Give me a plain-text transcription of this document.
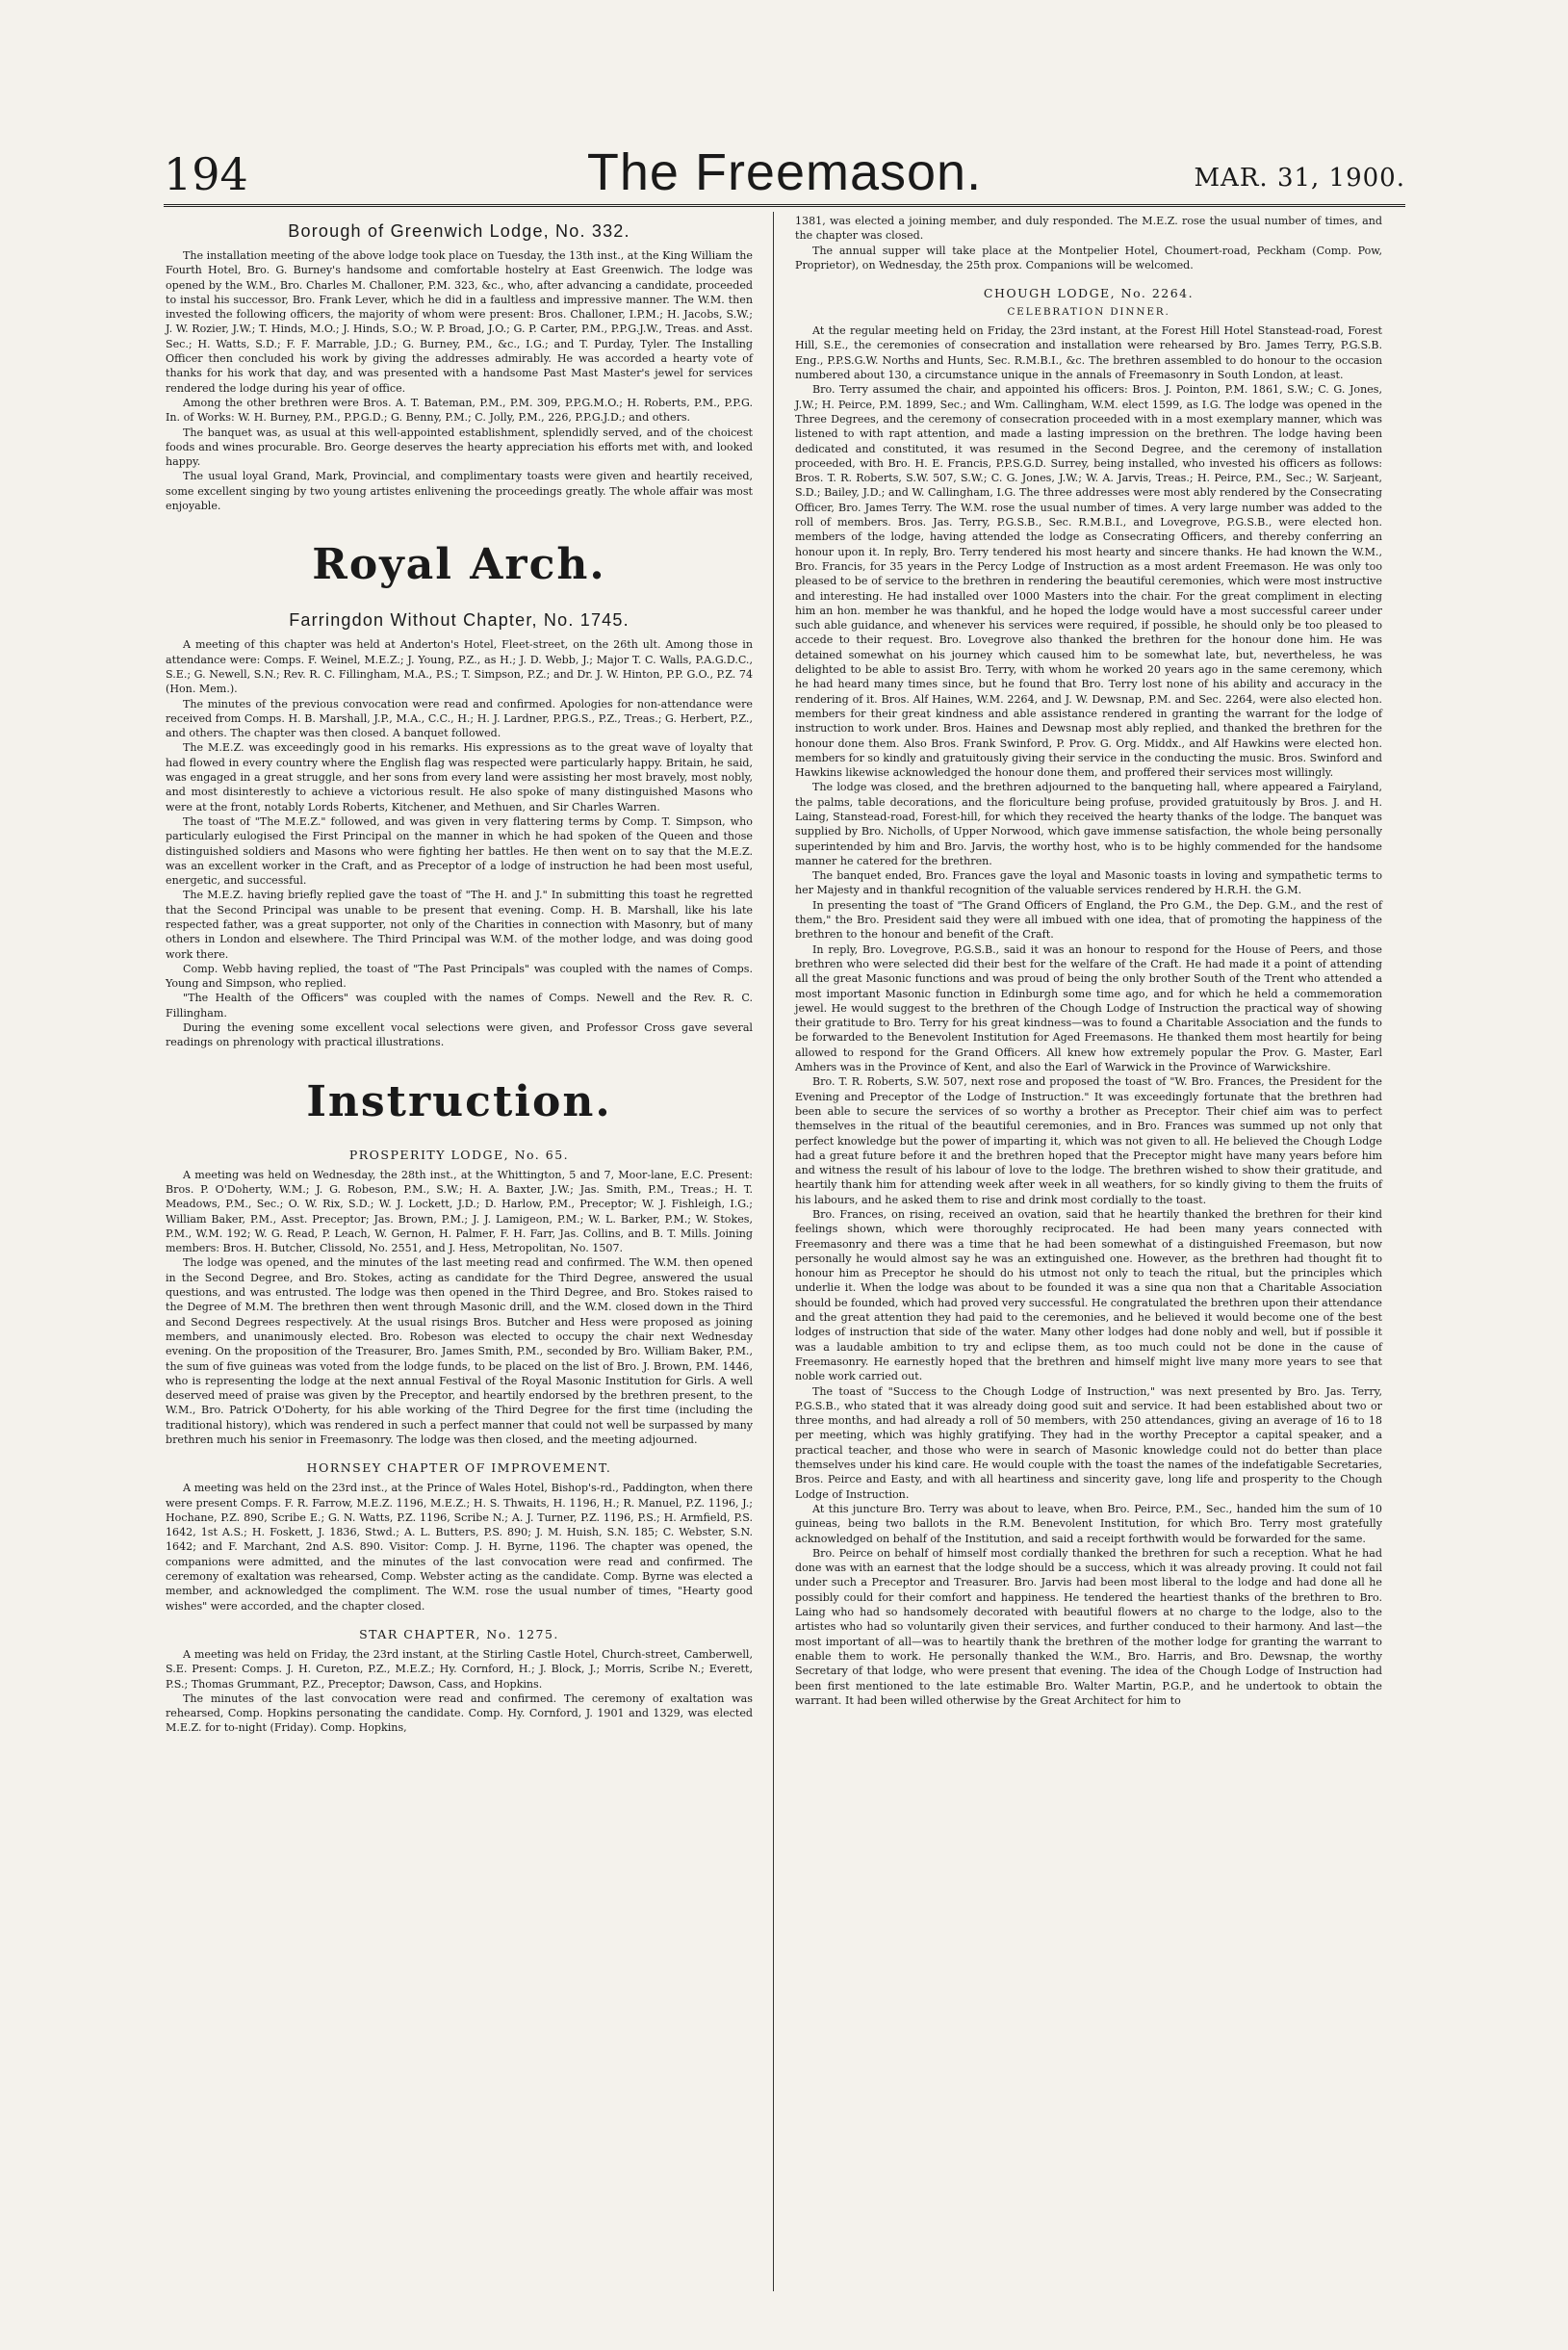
194	The Freemason.	MAR. 31, 1900.
Borough of Greenwich Lodge, No. 332.

The installation meeting of the above lodge took place on Tuesday, the 13th inst., at the King William the Fourth Hotel, Bro. G. Burney's handsome and comfortable hostelry at East Greenwich. The lodge was opened by the W.M., Bro. Charles M. Challoner, P.M. 323, &c., who, after advancing a candidate, proceeded to instal his successor, Bro. Frank Lever, which he did in a faultless and impressive manner. The W.M. then invested the following officers, the majority of whom were present: Bros. Challoner, I.P.M.; H. Jacobs, S.W.; J. W. Rozier, J.W.; T. Hinds, M.O.; J. Hinds, S.O.; W. P. Broad, J.O.; G. P. Carter, P.M., P.P.G.J.W., Treas. and Asst. Sec.; H. Watts, S.D.; F. F. Marrable, J.D.; G. Burney, P.M., &c., I.G.; and T. Purday, Tyler. The Installing Officer then concluded his work by giving the addresses admirably. He was accorded a hearty vote of thanks for his work that day, and was presented with a handsome Past Mast Master's jewel for services rendered the lodge during his year of office.

Among the other brethren were Bros. A. T. Bateman, P.M., P.M. 309, P.P.G.M.O.; H. Roberts, P.M., P.P.G. In. of Works: W. H. Burney, P.M., P.P.G.D.; G. Benny, P.M.; C. Jolly, P.M., 226, P.P.G.J.D.; and others.

The banquet was, as usual at this well-appointed establishment, splendidly served, and of the choicest foods and wines procurable. Bro. George deserves the hearty appreciation his efforts met with, and looked happy.

The usual loyal Grand, Mark, Provincial, and complimentary toasts were given and heartily received, some excellent singing by two young artistes enlivening the proceedings greatly. The whole affair was most enjoyable.

Royal Arch.
Farringdon Without Chapter, No. 1745.

A meeting of this chapter was held at Anderton's Hotel, Fleet-street, on the 26th ult. Among those in attendance were: Comps. F. Weinel, M.E.Z.; J. Young, P.Z., as H.; J. D. Webb, J.; Major T. C. Walls, P.A.G.D.C., S.E.; G. Newell, S.N.; Rev. R. C. Fillingham, M.A., P.S.; T. Simpson, P.Z.; and Dr. J. W. Hinton, P.P. G.O., P.Z. 74 (Hon. Mem.).

The minutes of the previous convocation were read and confirmed. Apologies for non-attendance were received from Comps. H. B. Marshall, J.P., M.A., C.C., H.; H. J. Lardner, P.P.G.S., P.Z., Treas.; G. Herbert, P.Z., and others. The chapter was then closed. A banquet followed.

The M.E.Z. was exceedingly good in his remarks. His expressions as to the great wave of loyalty that had flowed in every country where the English flag was respected were particularly happy. Britain, he said, was engaged in a great struggle, and her sons from every land were assisting her most bravely, most nobly, and most disinterestly to achieve a victorious result. He also spoke of many distinguished Masons who were at the front, notably Lords Roberts, Kitchener, and Methuen, and Sir Charles Warren.

The toast of "The M.E.Z." followed, and was given in very flattering terms by Comp. T. Simpson, who particularly eulogised the First Principal on the manner in which he had spoken of the Queen and those distinguished soldiers and Masons who were fighting her battles. He then went on to say that the M.E.Z. was an excellent worker in the Craft, and as Preceptor of a lodge of instruction he had been most useful, energetic, and successful.

The M.E.Z. having briefly replied gave the toast of "The H. and J." In submitting this toast he regretted that the Second Principal was unable to be present that evening. Comp. H. B. Marshall, like his late respected father, was a great supporter, not only of the Charities in connection with Masonry, but of many others in London and elsewhere. The Third Principal was W.M. of the mother lodge, and was doing good work there.

Comp. Webb having replied, the toast of "The Past Principals" was coupled with the names of Comps. Young and Simpson, who replied.

"The Health of the Officers" was coupled with the names of Comps. Newell and the Rev. R. C. Fillingham.

During the evening some excellent vocal selections were given, and Professor Cross gave several readings on phrenology with practical illustrations.

Instruction.
PROSPERITY LODGE, No. 65.

A meeting was held on Wednesday, the 28th inst., at the Whittington, 5 and 7, Moor-lane, E.C. Present: Bros. P. O'Doherty, W.M.; J. G. Robeson, P.M., S.W.; H. A. Baxter, J.W.; Jas. Smith, P.M., Treas.; H. T. Meadows, P.M., Sec.; O. W. Rix, S.D.; W. J. Lockett, J.D.; D. Harlow, P.M., Preceptor; W. J. Fishleigh, I.G.; William Baker, P.M., Asst. Preceptor; Jas. Brown, P.M.; J. J. Lamigeon, P.M.; W. L. Barker, P.M.; W. Stokes, P.M., W.M. 192; W. G. Read, P. Leach, W. Gernon, H. Palmer, F. H. Farr, Jas. Collins, and B. T. Mills. Joining members: Bros. H. Butcher, Clissold, No. 2551, and J. Hess, Metropolitan, No. 1507.

The lodge was opened, and the minutes of the last meeting read and confirmed. The W.M. then opened in the Second Degree, and Bro. Stokes, acting as candidate for the Third Degree, answered the usual questions, and was entrusted. The lodge was then opened in the Third Degree, and Bro. Stokes raised to the Degree of M.M. The brethren then went through Masonic drill, and the W.M. closed down in the Third and Second Degrees respectively. At the usual risings Bros. Butcher and Hess were proposed as joining members, and unanimously elected. Bro. Robeson was elected to occupy the chair next Wednesday evening. On the proposition of the Treasurer, Bro. James Smith, P.M., seconded by Bro. William Baker, P.M., the sum of five guineas was voted from the lodge funds, to be placed on the list of Bro. J. Brown, P.M. 1446, who is representing the lodge at the next annual Festival of the Royal Masonic Institution for Girls. A well deserved meed of praise was given by the Preceptor, and heartily endorsed by the brethren present, to the W.M., Bro. Patrick O'Doherty, for his able working of the Third Degree for the first time (including the traditional history), which was rendered in such a perfect manner that could not well be surpassed by many brethren much his senior in Freemasonry. The lodge was then closed, and the meeting adjourned.

HORNSEY CHAPTER OF IMPROVEMENT.

A meeting was held on the 23rd inst., at the Prince of Wales Hotel, Bishop's-rd., Paddington, when there were present Comps. F. R. Farrow, M.E.Z. 1196, M.E.Z.; H. S. Thwaits, H. 1196, H.; R. Manuel, P.Z. 1196, J.; Hochane, P.Z. 890, Scribe E.; G. N. Watts, P.Z. 1196, Scribe N.; A. J. Turner, P.Z. 1196, P.S.; H. Armfield, P.S. 1642, 1st A.S.; H. Foskett, J. 1836, Stwd.; A. L. Butters, P.S. 890; J. M. Huish, S.N. 185; C. Webster, S.N. 1642; and F. Marchant, 2nd A.S. 890. Visitor: Comp. J. H. Byrne, 1196. The chapter was opened, the companions were admitted, and the minutes of the last convocation were read and confirmed. The ceremony of exaltation was rehearsed, Comp. Webster acting as the candidate. Comp. Byrne was elected a member, and acknowledged the compliment. The W.M. rose the usual number of times, "Hearty good wishes" were accorded, and the chapter closed.

STAR CHAPTER, No. 1275.

A meeting was held on Friday, the 23rd instant, at the Stirling Castle Hotel, Church-street, Camberwell, S.E. Present: Comps. J. H. Cureton, P.Z., M.E.Z.; Hy. Cornford, H.; J. Block, J.; Morris, Scribe N.; Everett, P.S.; Thomas Grummant, P.Z., Preceptor; Dawson, Cass, and Hopkins.

The minutes of the last convocation were read and confirmed. The ceremony of exaltation was rehearsed, Comp. Hopkins personating the candidate. Comp. Hy. Cornford, J. 1901 and 1329, was elected M.E.Z. for to-night (Friday). Comp. Hopkins,

1381, was elected a joining member, and duly responded. The M.E.Z. rose the usual number of times, and the chapter was closed.

The annual supper will take place at the Montpelier Hotel, Choumert-road, Peckham (Comp. Pow, Proprietor), on Wednesday, the 25th prox. Companions will be welcomed.

CHOUGH LODGE, No. 2264.
CELEBRATION DINNER.

At the regular meeting held on Friday, the 23rd instant, at the Forest Hill Hotel Stanstead-road, Forest Hill, S.E., the ceremonies of consecration and installation were rehearsed by Bro. James Terry, P.G.S.B. Eng., P.P.S.G.W. Norths and Hunts, Sec. R.M.B.I., &c. The brethren assembled to do honour to the occasion numbered about 130, a circumstance unique in the annals of Freemasonry in South London, at least.

Bro. Terry assumed the chair, and appointed his officers: Bros. J. Pointon, P.M. 1861, S.W.; C. G. Jones, J.W.; H. Peirce, P.M. 1899, Sec.; and Wm. Callingham, W.M. elect 1599, as I.G. The lodge was opened in the Three Degrees, and the ceremony of consecration proceeded with in a most exemplary manner, which was listened to with rapt attention, and made a lasting impression on the brethren. The lodge having been dedicated and constituted, it was resumed in the Second Degree, and the ceremony of installation proceeded, with Bro. H. E. Francis, P.P.S.G.D. Surrey, being installed, who invested his officers as follows: Bros. T. R. Roberts, S.W. 507, S.W.; C. G. Jones, J.W.; W. A. Jarvis, Treas.; H. Peirce, P.M., Sec.; W. Sarjeant, S.D.; Bailey, J.D.; and W. Callingham, I.G. The three addresses were most ably rendered by the Consecrating Officer, Bro. James Terry. The W.M. rose the usual number of times. A very large number was added to the roll of members. Bros. Jas. Terry, P.G.S.B., Sec. R.M.B.I., and Lovegrove, P.G.S.B., were elected hon. members of the lodge, having attended the lodge as Consecrating Officers, and thereby conferring an honour upon it. In reply, Bro. Terry tendered his most hearty and sincere thanks. He had known the W.M., Bro. Francis, for 35 years in the Percy Lodge of Instruction as a most ardent Freemason. He was only too pleased to be of service to the brethren in rendering the beautiful ceremonies, which were most instructive and interesting. He had installed over 1000 Masters into the chair. For the great compliment in electing him an hon. member he was thankful, and he hoped the lodge would have a most successful career under such able guidance, and whenever his services were required, if possible, he should only be too pleased to accede to their request. Bro. Lovegrove also thanked the brethren for the honour done him. He was detained somewhat on his journey which caused him to be somewhat late, but, nevertheless, he was delighted to be able to assist Bro. Terry, with whom he worked 20 years ago in the same ceremony, which he had heard many times since, but he found that Bro. Terry lost none of his ability and accuracy in the rendering of it. Bros. Alf Haines, W.M. 2264, and J. W. Dewsnap, P.M. and Sec. 2264, were also elected hon. members for their great kindness and able assistance rendered in granting the warrant for the lodge of instruction to work under. Bros. Haines and Dewsnap most ably replied, and thanked the brethren for the honour done them. Also Bros. Frank Swinford, P. Prov. G. Org. Middx., and Alf Hawkins were elected hon. members for so kindly and gratuitously giving their service in the conducting the music. Bros. Swinford and Hawkins likewise acknowledged the honour done them, and proffered their services most willingly.

The lodge was closed, and the brethren adjourned to the banqueting hall, where appeared a Fairyland, the palms, table decorations, and the floriculture being profuse, provided gratuitously by Bros. J. and H. Laing, Stanstead-road, Forest-hill, for which they received the hearty thanks of the lodge. The banquet was supplied by Bro. Nicholls, of Upper Norwood, which gave immense satisfaction, the whole being personally superintended by him and Bro. Jarvis, the worthy host, who is to be highly commended for the handsome manner he catered for the brethren.

The banquet ended, Bro. Frances gave the loyal and Masonic toasts in loving and sympathetic terms to her Majesty and in thankful recognition of the valuable services rendered by H.R.H. the G.M.

In presenting the toast of "The Grand Officers of England, the Pro G.M., the Dep. G.M., and the rest of them," the Bro. President said they were all imbued with one idea, that of promoting the happiness of the brethren to the honour and benefit of the Craft.

In reply, Bro. Lovegrove, P.G.S.B., said it was an honour to respond for the House of Peers, and those brethren who were selected did their best for the welfare of the Craft. He had made it a point of attending all the great Masonic functions and was proud of being the only brother South of the Trent who attended a most important Masonic function in Edinburgh some time ago, and for which he held a commemoration jewel. He would suggest to the brethren of the Chough Lodge of Instruction the practical way of showing their gratitude to Bro. Terry for his great kindness—was to found a Charitable Association and the funds to be forwarded to the Benevolent Institution for Aged Freemasons. He thanked them most heartily for being allowed to respond for the Grand Officers. All knew how extremely popular the Prov. G. Master, Earl Amhers was in the Province of Kent, and also the Earl of Warwick in the Province of Warwickshire.

Bro. T. R. Roberts, S.W. 507, next rose and proposed the toast of "W. Bro. Frances, the President for the Evening and Preceptor of the Lodge of Instruction." It was exceedingly fortunate that the brethren had been able to secure the services of so worthy a brother as Preceptor. Their chief aim was to perfect themselves in the ritual of the beautiful ceremonies, and in Bro. Frances was summed up not only that perfect knowledge but the power of imparting it, which was not given to all. He believed the Chough Lodge had a great future before it and the brethren hoped that the Preceptor might have many years before him and witness the result of his labour of love to the lodge. The brethren wished to show their gratitude, and heartily thank him for attending week after week in all weathers, for so kindly giving to them the fruits of his labours, and he asked them to rise and drink most cordially to the toast.

Bro. Frances, on rising, received an ovation, said that he heartily thanked the brethren for their kind feelings shown, which were thoroughly reciprocated. He had been many years connected with Freemasonry and there was a time that he had been somewhat of a distinguished Freemason, but now personally he would almost say he was an extinguished one. However, as the brethren had thought fit to honour him as Preceptor he should do his utmost not only to teach the ritual, but the principles which underlie it. When the lodge was about to be founded it was a sine qua non that a Charitable Association should be founded, which had proved very successful. He congratulated the brethren upon their attendance and the great attention they had paid to the ceremonies, and he believed it would become one of the best lodges of instruction that side of the water. Many other lodges had done nobly and well, but if possible it was a laudable ambition to try and eclipse them, as too much could not be done in the cause of Freemasonry. He earnestly hoped that the brethren and himself might live many more years to see that noble work carried out.

The toast of "Success to the Chough Lodge of Instruction," was next presented by Bro. Jas. Terry, P.G.S.B., who stated that it was already doing good suit and service. It had been established about two or three months, and had already a roll of 50 members, with 250 attendances, giving an average of 16 to 18 per meeting, which was highly gratifying. They had in the worthy Preceptor a capital speaker, and a practical teacher, and those who were in search of Masonic knowledge could not do better than place themselves under his kind care. He would couple with the toast the names of the indefatigable Secretaries, Bros. Peirce and Easty, and with all heartiness and sincerity gave, long life and prosperity to the Chough Lodge of Instruction.

At this juncture Bro. Terry was about to leave, when Bro. Peirce, P.M., Sec., handed him the sum of 10 guineas, being two ballots in the R.M. Benevolent Institution, for which Bro. Terry most gratefully acknowledged on behalf of the Institution, and said a receipt forthwith would be forwarded for the same.

Bro. Peirce on behalf of himself most cordially thanked the brethren for such a reception. What he had done was with an earnest that the lodge should be a success, which it was already proving. It could not fail under such a Preceptor and Treasurer. Bro. Jarvis had been most liberal to the lodge and had done all he possibly could for their comfort and happiness. He tendered the heartiest thanks of the brethren to Bro. Laing who had so handsomely decorated with beautiful flowers at no charge to the lodge, also to the artistes who had so voluntarily given their services, and further conduced to their harmony. And last—the most important of all—was to heartily thank the brethren of the mother lodge for granting the warrant to enable them to work. He personally thanked the W.M., Bro. Harris, and Bro. Dewsnap, the worthy Secretary of that lodge, who were present that evening. The idea of the Chough Lodge of Instruction had been first mentioned to the late estimable Bro. Walter Martin, P.G.P., and he undertook to obtain the warrant. It had been willed otherwise by the Great Architect for him to
